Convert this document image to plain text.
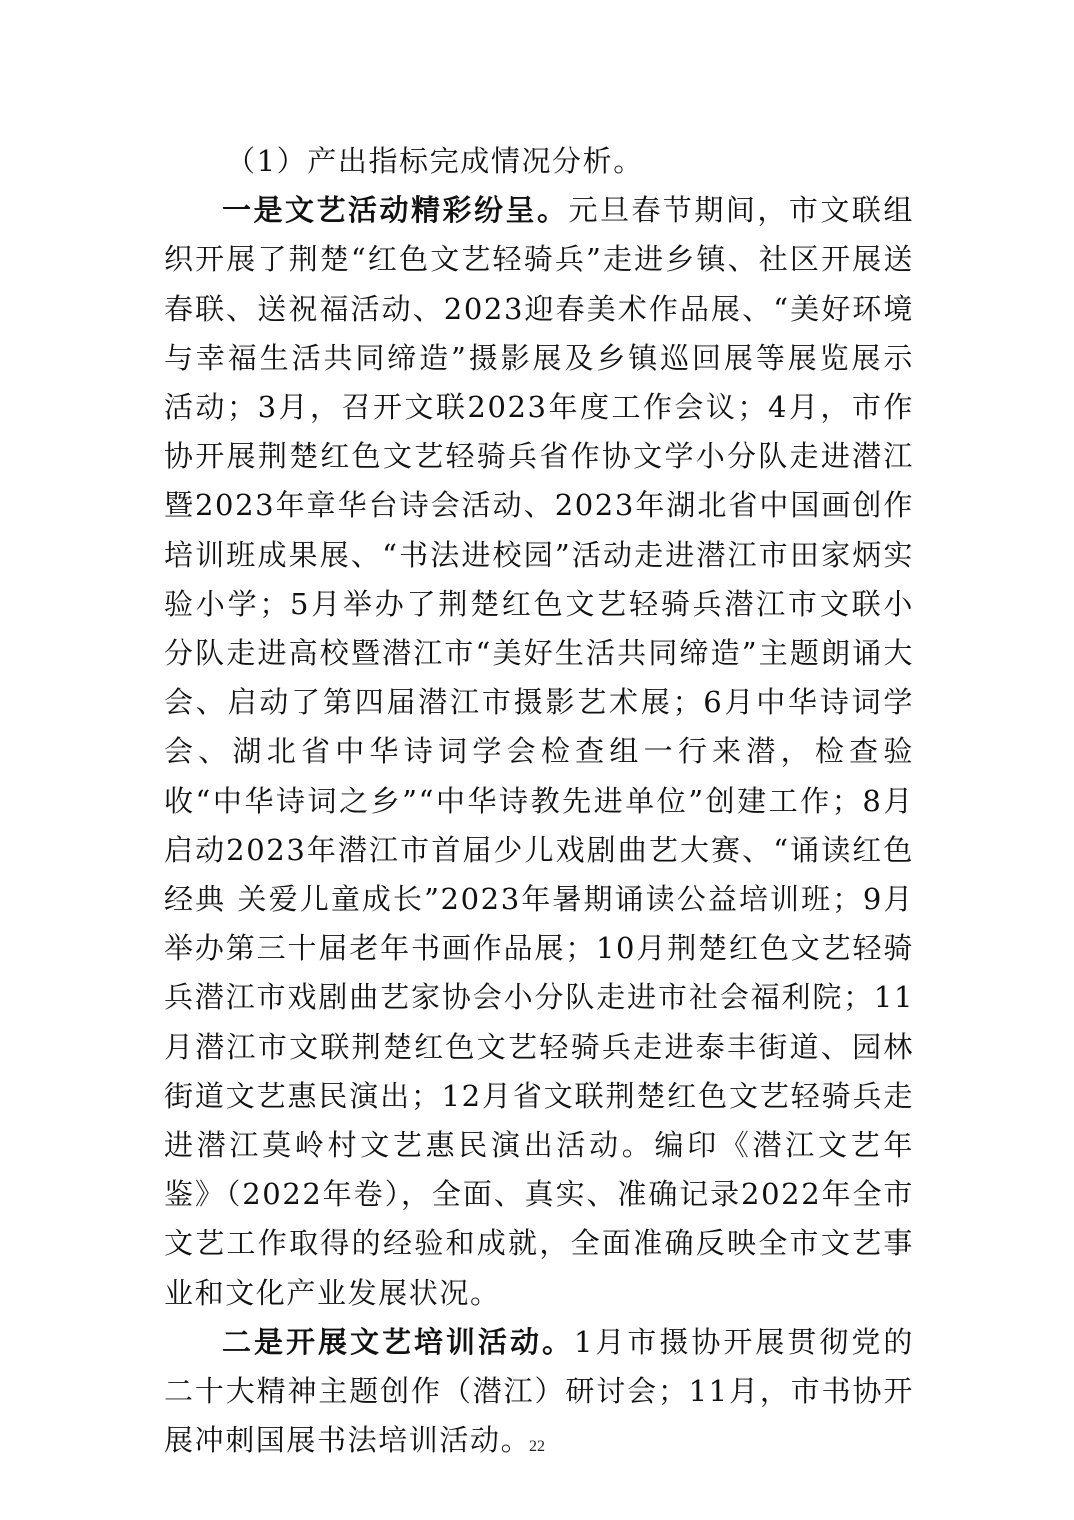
（1）产出指标完成情况分析。

一是文艺活动精彩纷呈。元旦春节期间，市文联组织开展了荆楚“红色文艺轻骑兵”走进乡镇、社区开展送春联、送祝福活动、2023迎春美术作品展、“美好环境与幸福生活共同缔造”摄影展及乡镇巡回展等展览展示活动；3月，召开文联2023年度工作会议；4月，市作协开展荆楚红色文艺轻骑兵省作协文学小分队走进潜江暨2023年章华台诗会活动、2023年湖北省中国画创作培训班成果展、“书法进校园”活动走进潜江市田家炳实验小学；5月举办了荆楚红色文艺轻骑兵潜江市文联小分队走进高校暨潜江市“美好生活共同缔造”主题朗诵大会、启动了第四届潜江市摄影艺术展；6月中华诗词学会、湖北省中华诗词学会检查组一行来潜，检查验收“中华诗词之乡”“中华诗教先进单位”创建工作；8月启动2023年潜江市首届少儿戏剧曲艺大赛、“诵读红色经典 关爱儿童成长”2023年暑期诵读公益培训班；9月举办第三十届老年书画作品展；10月荆楚红色文艺轻骑兵潜江市戏剧曲艺家协会小分队走进市社会福利院；11月潜江市文联荆楚红色文艺轻骑兵走进泰丰街道、园林街道文艺惠民演出；12月省文联荆楚红色文艺轻骑兵走进潜江莫岭村文艺惠民演出活动。编印《潜江文艺年鉴》（2022年卷），全面、真实、准确记录2022年全市文艺工作取得的经验和成就，全面准确反映全市文艺事业和文化产业发展状况。

二是开展文艺培训活动。1月市摄协开展贯彻党的二十大精神主题创作（潜江）研讨会；11月，市书协开展冲刺国展书法培训活动。

22
